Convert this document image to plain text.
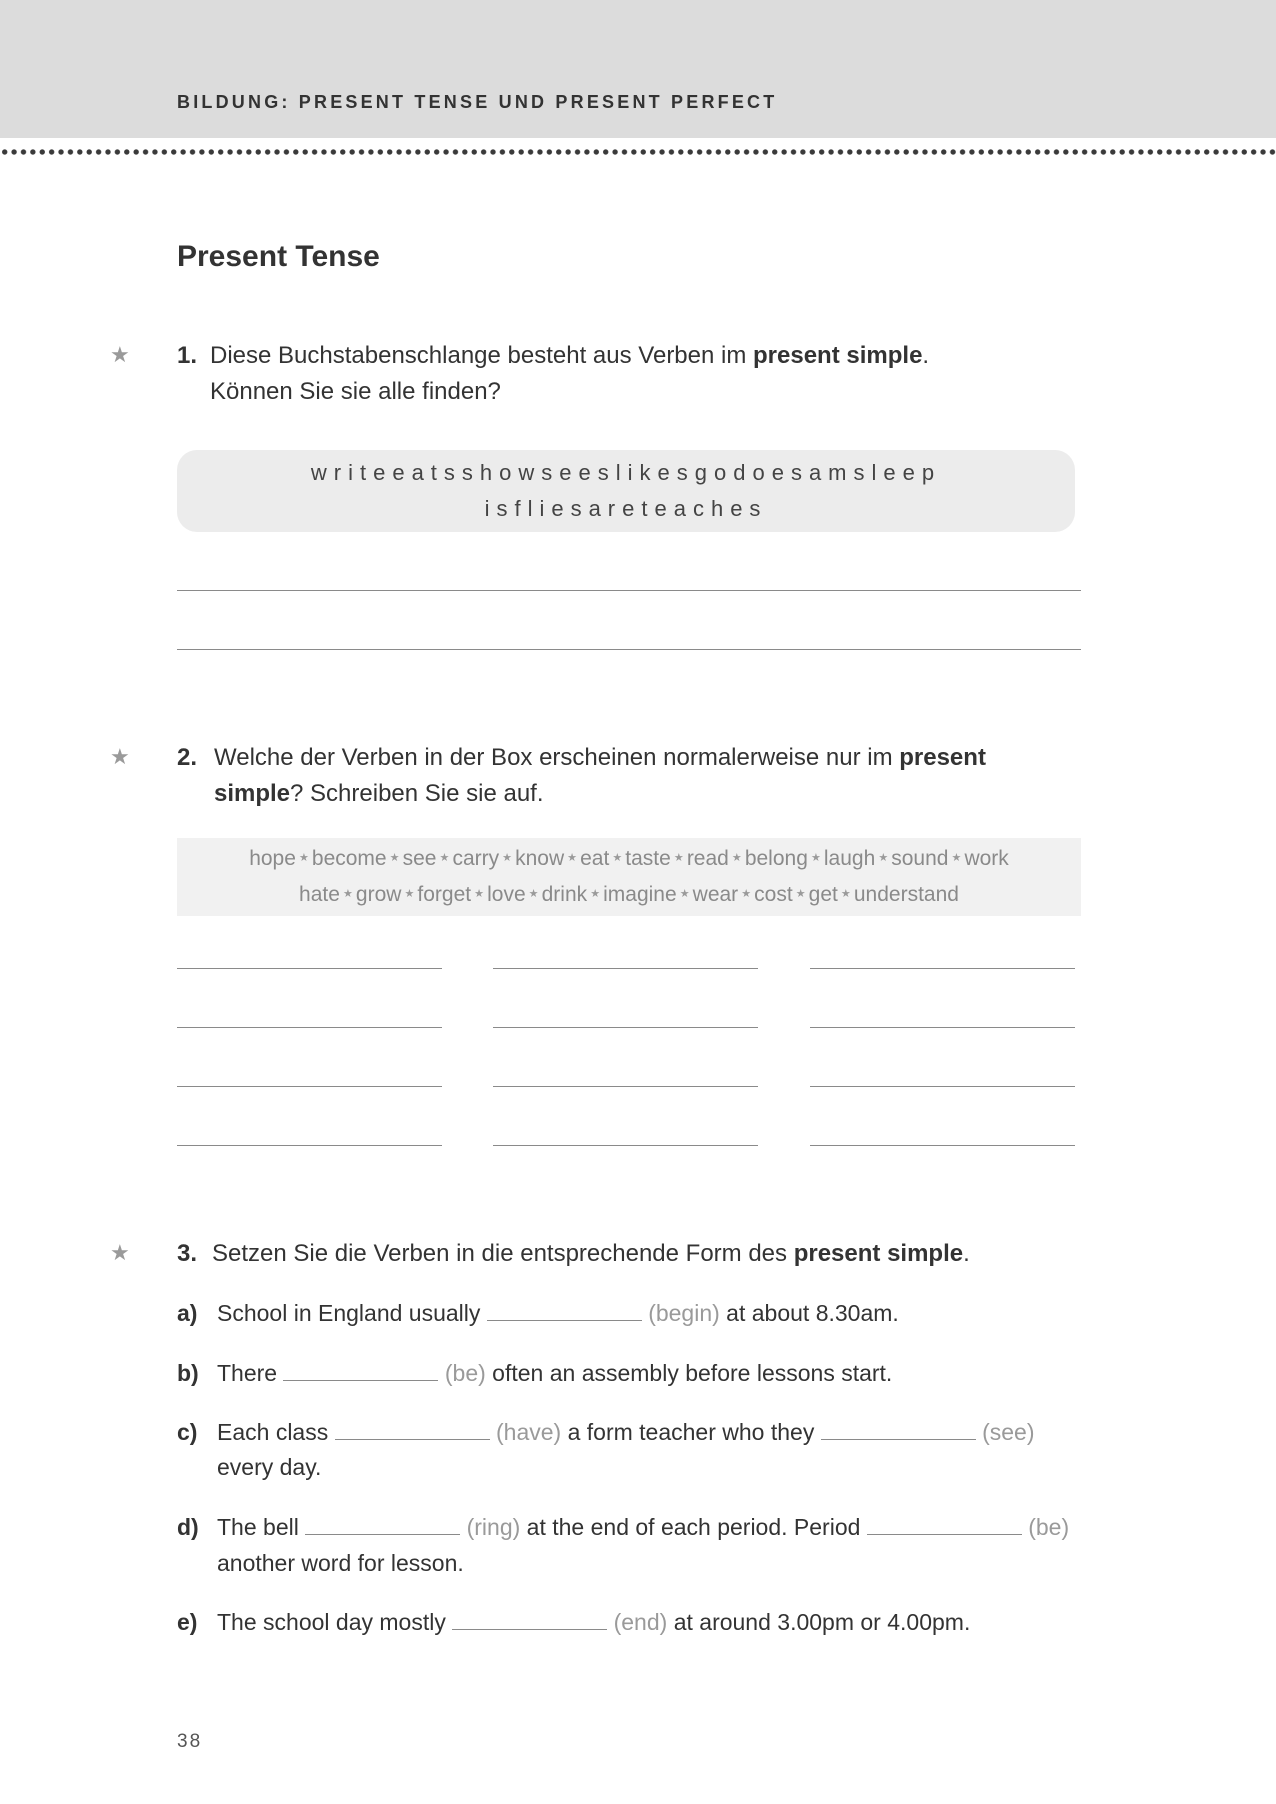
BILDUNG: PRESENT TENSE UND PRESENT PERFECT
Present Tense
★ 1. Diese Buchstabenschlange besteht aus Verben im present simple.
Können Sie sie alle finden?
writeeatsshowseeslikesgodoesamsleep
isfliesareteaches
★ 2. Welche der Verben in der Box erscheinen normalerweise nur im present
simple? Schreiben Sie sie auf.
hope ★ become ★ see ★ carry ★ know ★ eat ★ taste ★ read ★ belong ★ laugh ★ sound ★ work
hate ★ grow ★ forget ★ love ★ drink ★ imagine ★ wear ★ cost ★ get ★ understand
★ 3. Setzen Sie die Verben in die entsprechende Form des present simple.
a) School in England usually	(begin) at about 8.30am.
b) There	(be) often an assembly before lessons start.
c) Each class	(have) a form teacher who they	(see)
every day.
d) The bell	(ring) at the end of each period. Period	(be)
another word for lesson.
e) The school day mostly	(end) at around 3.00pm or 4.00pm.
38
